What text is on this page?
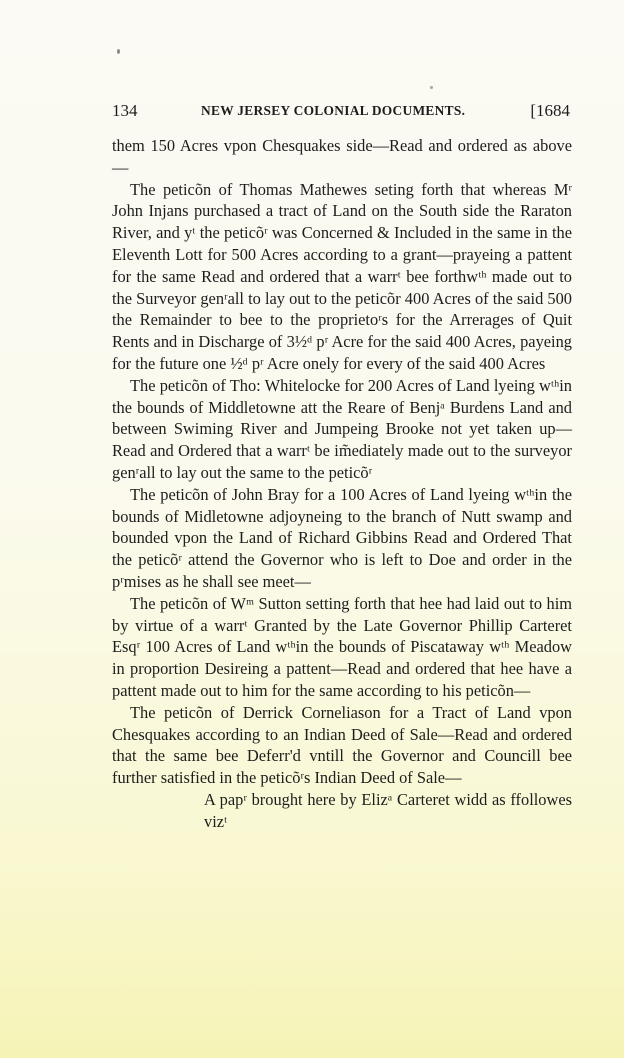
134	NEW JERSEY COLONIAL DOCUMENTS.	[1684

them 150 Acres vpon Chesquakes side—Read and ordered as above—

The peticõn of Thomas Mathewes seting forth that whereas Mʳ John Injans purchased a tract of Land on the South side the Raraton River, and yᵗ the peticõʳ was Concerned & Included in the same in the Eleventh Lott for 500 Acres according to a grant—prayeing a pattent for the same Read and ordered that a warrᵗ bee forthwᵗʰ made out to the Surveyor genʳall to lay out to the peticõr 400 Acres of the said 500 the Remainder to bee to the proprietoʳs for the Arrerages of Quit Rents and in Discharge of 3½ᵈ pʳ Acre for the said 400 Acres, payeing for the future one ½ᵈ pʳ Acre onely for every of the said 400 Acres

The peticõn of Tho: Whitelocke for 200 Acres of Land lyeing wᵗʰin the bounds of Middletowne att the Reare of Benjᵃ Burdens Land and between Swiming River and Jumpeing Brooke not yet taken up—Read and Ordered that a warrᵗ be im̃ediately made out to the surveyor genʳall to lay out the same to the peticõʳ

The peticõn of John Bray for a 100 Acres of Land lyeing wᵗʰin the bounds of Midletowne adjoyneing to the branch of Nutt swamp and bounded vpon the Land of Richard Gibbins Read and Ordered That the peticõʳ attend the Governor who is left to Doe and order in the pʳmises as he shall see meet—

The peticõn of Wᵐ Sutton setting forth that hee had laid out to him by virtue of a warrᵗ Granted by the Late Governor Phillip Carteret Esqʳ 100 Acres of Land wᵗʰin the bounds of Piscataway wᵗʰ Meadow in proportion Desireing a pattent—Read and ordered that hee have a pattent made out to him for the same according to his peticõn—

The peticõn of Derrick Corneliason for a Tract of Land vpon Chesquakes according to an Indian Deed of Sale—Read and ordered that the same bee Deferr'd vntill the Governor and Councill bee further satisfied in the peticõʳs Indian Deed of Sale—

A papʳ brought here by Elizᵃ Carteret widd as ffollowes vizᵗ
